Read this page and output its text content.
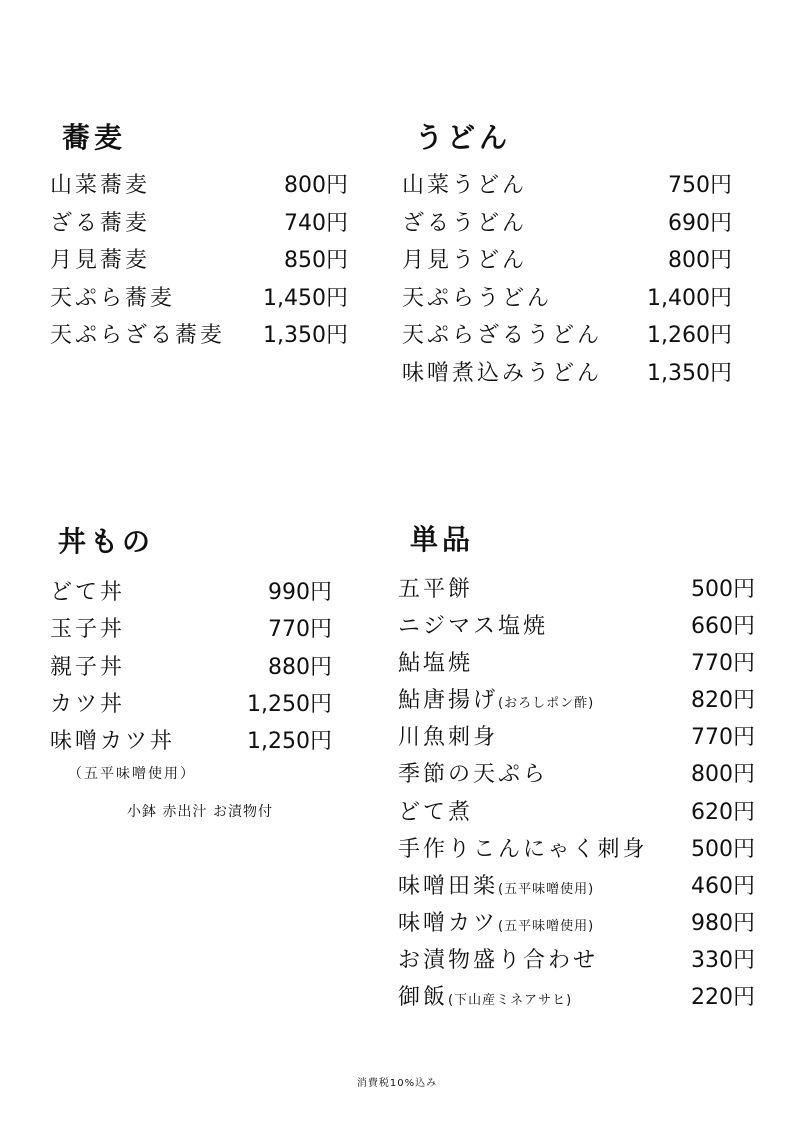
蕎麦
山菜蕎麦	800円
ざる蕎麦	740円
月見蕎麦	850円
天ぷら蕎麦	1,450円
天ぷらざる蕎麦 1,350円
うどん
山菜うどん	750円
ざるうどん	690円
月見うどん	800円
天ぷらうどん	1,400円
天ぷらざるうどん 1,260円
味噌煮込みうどん 1,350円
丼もの
どて丼	990円
玉子丼	770円
親子丼	880円
カツ丼	1,250円
味噌カツ丼	1,250円
（五平味噌使用）
小鉢 赤出汁 お漬物付
単品
五平餅	500円
ニジマス塩焼	660円
鮎塩焼	770円
鮎唐揚げ(おろしポン酢)	820円
川魚刺身	770円
季節の天ぷら	800円
どて煮	620円
手作りこんにゃく刺身 500円
味噌田楽(五平味噌使用)	460円
味噌カツ(五平味噌使用)	980円
お漬物盛り合わせ	330円
御飯(下山産ミネアサヒ)	220円
消費税10%込み
